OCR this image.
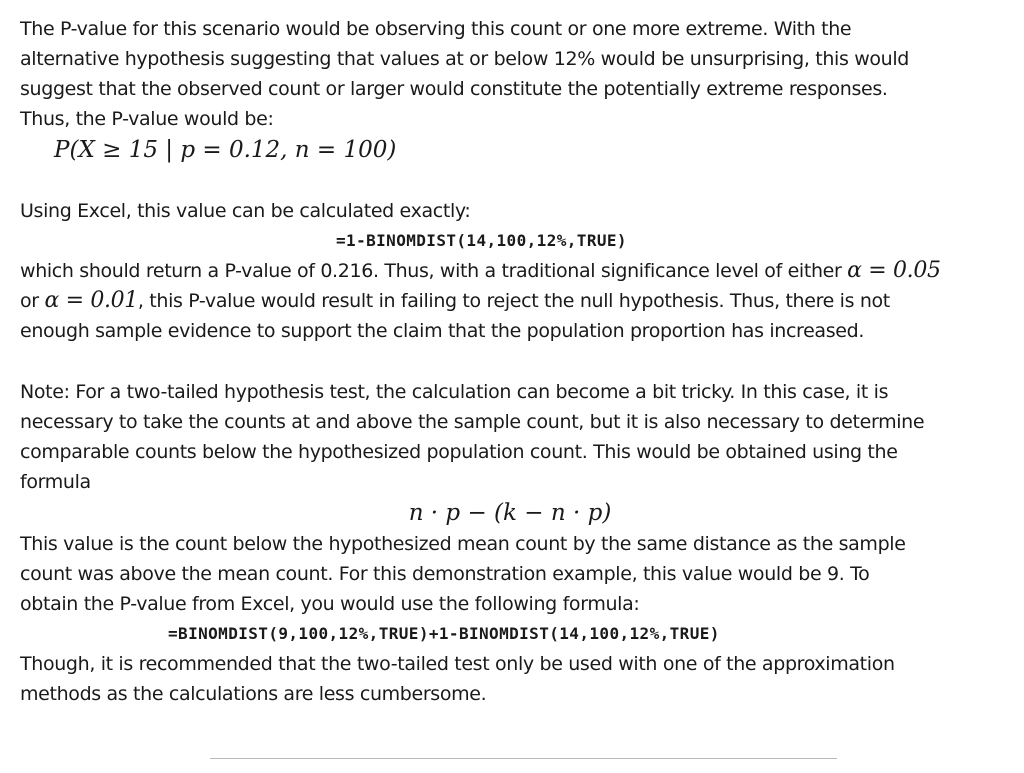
The P-value for this scenario would be observing this count or one more extreme. With the
alternative hypothesis suggesting that values at or below 12% would be unsurprising, this would
suggest that the observed count or larger would constitute the potentially extreme responses.
Thus, the P-value would be:

P(X ≥ 15 | p = 0.12, n = 100)

Using Excel, this value can be calculated exactly:

=1-BINOMDIST(14,100,12%,TRUE)

which should return a P-value of 0.216. Thus, with a traditional significance level of either α = 0.05
or α = 0.01, this P-value would result in failing to reject the null hypothesis. Thus, there is not
enough sample evidence to support the claim that the population proportion has increased.

Note: For a two-tailed hypothesis test, the calculation can become a bit tricky. In this case, it is
necessary to take the counts at and above the sample count, but it is also necessary to determine
comparable counts below the hypothesized population count. This would be obtained using the
formula

n · p − (k − n · p)

This value is the count below the hypothesized mean count by the same distance as the sample
count was above the mean count. For this demonstration example, this value would be 9. To
obtain the P-value from Excel, you would use the following formula:

=BINOMDIST(9,100,12%,TRUE)+1-BINOMDIST(14,100,12%,TRUE)

Though, it is recommended that the two-tailed test only be used with one of the approximation
methods as the calculations are less cumbersome.
